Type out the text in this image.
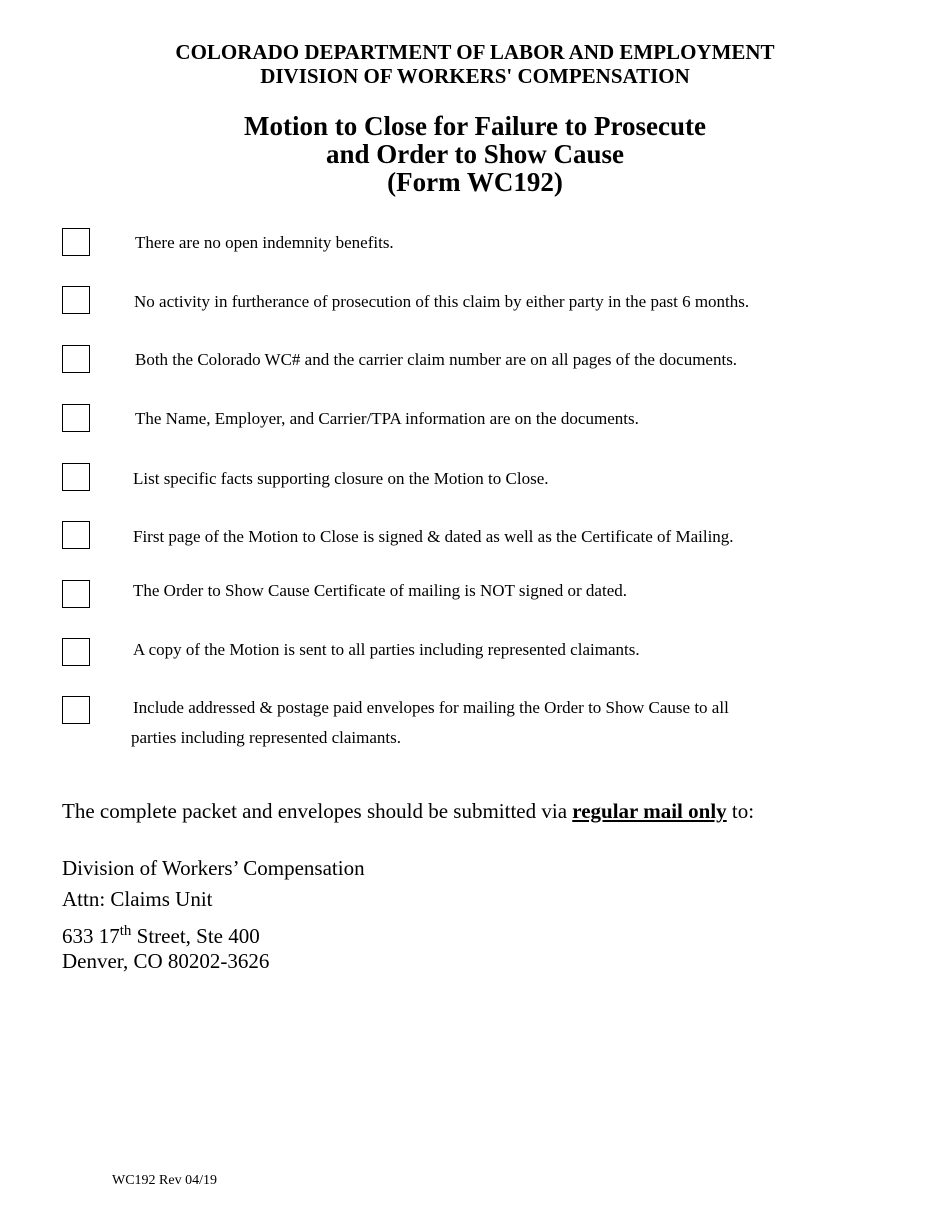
COLORADO DEPARTMENT OF LABOR AND EMPLOYMENT
DIVISION OF WORKERS' COMPENSATION
Motion to Close for Failure to Prosecute
and Order to Show Cause
(Form WC192)
There are no open indemnity benefits.
No activity in furtherance of prosecution of this claim by either party in the past 6 months.
Both the Colorado WC# and the carrier claim number are on all pages of the documents.
The Name, Employer, and Carrier/TPA information are on the documents.
List specific facts supporting closure on the Motion to Close.
First page of the Motion to Close is signed & dated as well as the Certificate of Mailing.
The Order to Show Cause Certificate of mailing is NOT signed or dated.
A copy of the Motion is sent to all parties including represented claimants.
Include addressed & postage paid envelopes for mailing the Order to Show Cause to all
parties including represented claimants.
The complete packet and envelopes should be submitted via regular mail only to:
Division of Workers’ Compensation
Attn: Claims Unit
633 17th Street, Ste 400
Denver, CO 80202-3626
WC192 Rev 04/19
